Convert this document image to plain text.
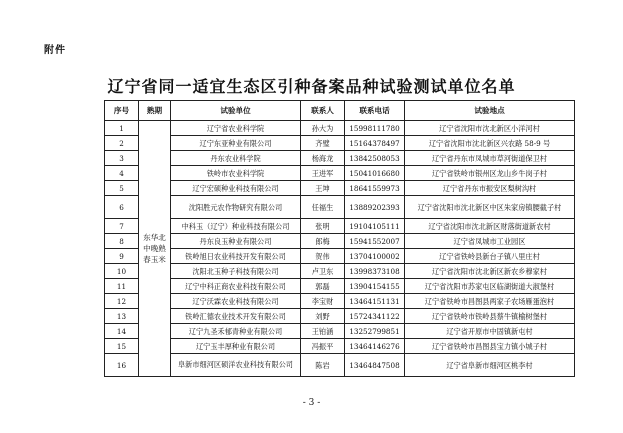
附件
辽宁省同一适宜生态区引种备案品种试验测试单位名单
序号	熟期	试验单位	联系人	联系电话	试验地点
1	东华北中晚熟春玉米	辽宁省农业科学院	孙大为	15998111780	辽宁省沈阳市沈北新区小洋河村
2		辽宁东亚种业有限公司	齐璧	15164378497	辽宁省沈阳市沈北新区兴农路 58-9 号
3		丹东农业科学院	杨海龙	13842508053	辽宁省丹东市凤城市草河街道保卫村
4		铁岭市农业科学院	王进军	15041016680	辽宁省铁岭市银州区龙山乡牛岗子村
5		辽宁宏硕种业科技有限公司	王坤	18641559973	辽宁省丹东市振安区梨树沟村
6		沈阳胜元农作物研究有限公司	任福生	13889202393	辽宁省沈阳市沈北新区中区朱家房镇腰截子村
7		中科玉（辽宁）种业科技有限公司	张明	19104105111	辽宁省沈阳市沈北新区财落街道新农村
8		丹东良玉种业有限公司	郎梅	15941552007	辽宁省凤城市工业园区
9		铁岭旭日农业科技开发有限公司	贺伟	13704100002	辽宁省铁岭县新台子镇八里庄村
10		沈阳北玉种子科技有限公司	卢卫东	13998373108	辽宁省沈阳市沈北新区新农乡穆家村
11		辽宁中科正商农业科技有限公司	郭磊	13904154155	辽宁省沈阳市苏家屯区临湖街道大淑堡村
12		辽宁沃霖农业科技有限公司	李宝财	13464151131	辽宁省铁岭市昌图县两家子农场雁蛋泡村
13		铁岭汇德农业技术开发有限公司	刘野	15724341122	辽宁省铁岭市铁岭县蔡牛镇榆树堡村
14		辽宁九圣禾郁青种业有限公司	王铂涵	13252799851	辽宁省开原市中固镇新屯村
15		辽宁玉丰厚种业有限公司	冯振平	13464146276	辽宁省铁岭市昌图县宝力镇小城子村
16		阜新市细河区硕洋农业科技有限公司	陈岩	13464847508	辽宁省阜新市细河区桃李村
- 3 -
